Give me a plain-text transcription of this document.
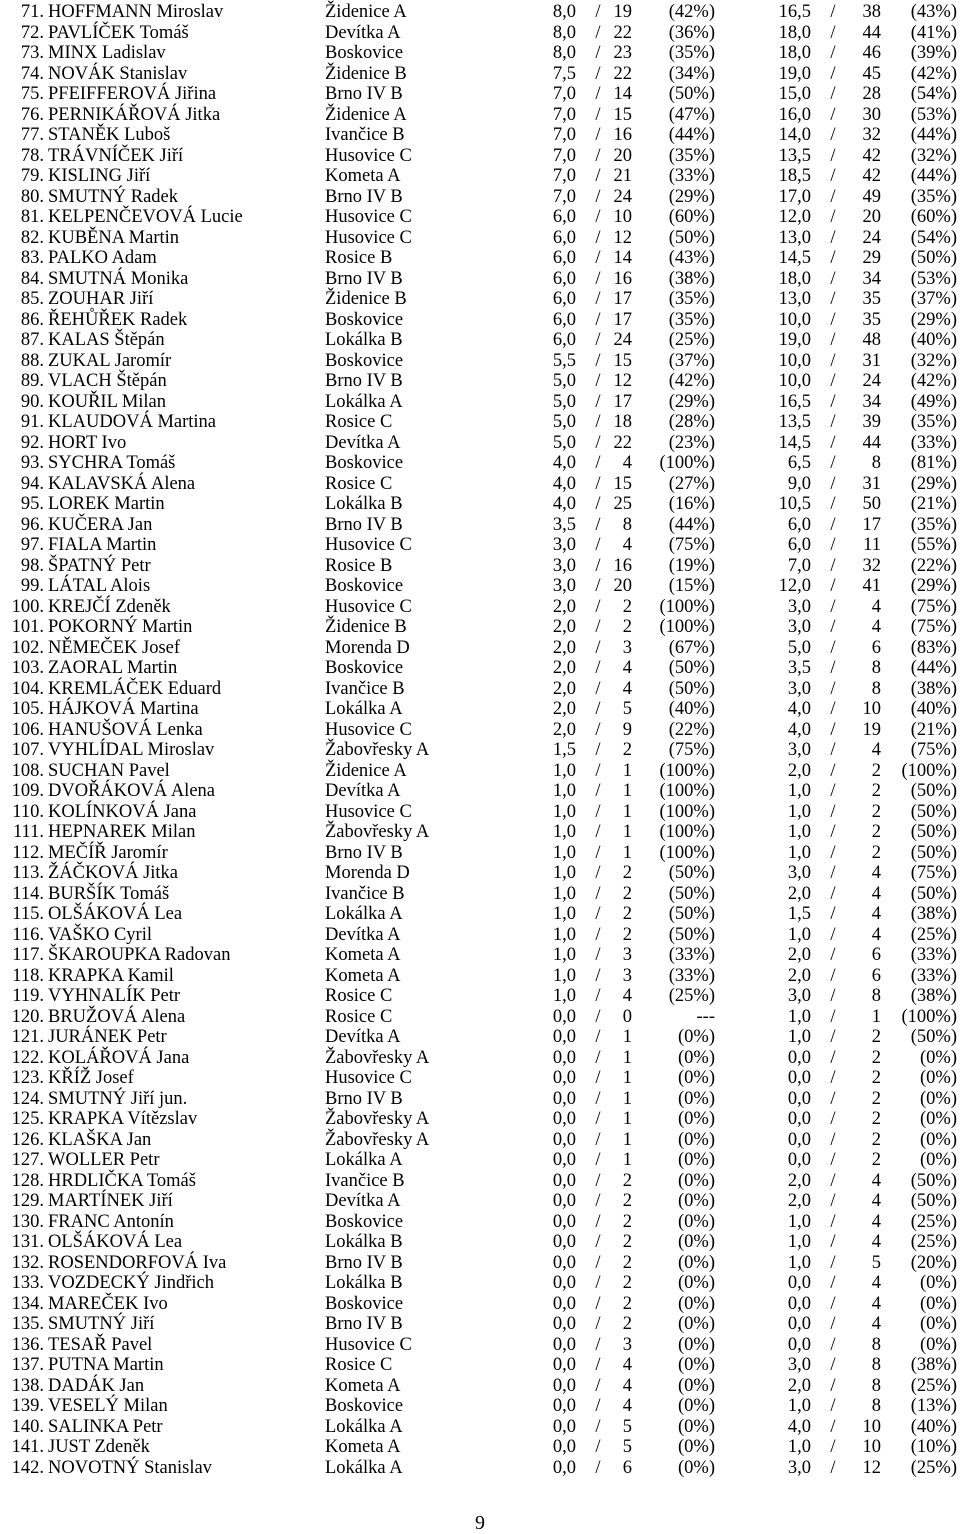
71. HOFFMANN Miroslav	Židenice A	8,0 / 19	(42%)	16,5 /	38	(43%)
72. PAVLÍČEK Tomáš	Devítka A	8,0 / 22	(36%)	18,0 /	44	(41%)
73. MINX Ladislav	Boskovice	8,0 / 23	(35%)	18,0 /	46	(39%)
74. NOVÁK Stanislav	Židenice B	7,5 / 22	(34%)	19,0 /	45	(42%)
75. PFEIFFEROVÁ Jiřina	Brno IV B	7,0 / 14	(50%)	15,0 /	28	(54%)
76. PERNIKÁŘOVÁ Jitka	Židenice A	7,0 / 15	(47%)	16,0 /	30	(53%)
77. STANĚK Luboš	Ivančice B	7,0 / 16	(44%)	14,0 /	32	(44%)
78. TRÁVNÍČEK Jiří	Husovice C	7,0 / 20	(35%)	13,5 /	42	(32%)
79. KISLING Jiří	Kometa A	7,0 / 21	(33%)	18,5 /	42	(44%)
80. SMUTNÝ Radek	Brno IV B	7,0 / 24	(29%)	17,0 /	49	(35%)
81. KELPENČEVOVÁ Lucie	Husovice C	6,0 / 10	(60%)	12,0 /	20	(60%)
82. KUBĚNA Martin	Husovice C	6,0 / 12	(50%)	13,0 /	24	(54%)
83. PALKO Adam	Rosice B	6,0 / 14	(43%)	14,5 /	29	(50%)
84. SMUTNÁ Monika	Brno IV B	6,0 / 16	(38%)	18,0 /	34	(53%)
85. ZOUHAR Jiří	Židenice B	6,0 / 17	(35%)	13,0 /	35	(37%)
86. ŘEHŮŘEK Radek	Boskovice	6,0 / 17	(35%)	10,0 /	35	(29%)
87. KALAS Štěpán	Lokálka B	6,0 / 24	(25%)	19,0 /	48	(40%)
88. ZUKAL Jaromír	Boskovice	5,5 / 15	(37%)	10,0 /	31	(32%)
89. VLACH Štěpán	Brno IV B	5,0 / 12	(42%)	10,0 /	24	(42%)
90. KOUŘIL Milan	Lokálka A	5,0 / 17	(29%)	16,5 /	34	(49%)
91. KLAUDOVÁ Martina	Rosice C	5,0 / 18	(28%)	13,5 /	39	(35%)
92. HORT Ivo	Devítka A	5,0 / 22	(23%)	14,5 /	44	(33%)
93. SYCHRA Tomáš	Boskovice	4,0 /	4	(100%)	6,5 /	8	(81%)
94. KALAVSKÁ Alena	Rosice C	4,0 / 15	(27%)	9,0 /	31	(29%)
95. LOREK Martin	Lokálka B	4,0 / 25	(16%)	10,5 /	50	(21%)
96. KUČERA Jan	Brno IV B	3,5 /	8	(44%)	6,0 /	17	(35%)
97. FIALA Martin	Husovice C	3,0 /	4	(75%)	6,0 /	11	(55%)
98. ŠPATNÝ Petr	Rosice B	3,0 / 16	(19%)	7,0 /	32	(22%)
99. LÁTAL Alois	Boskovice	3,0 / 20	(15%)	12,0 /	41	(29%)
100. KREJČÍ Zdeněk	Husovice C	2,0 /	2	(100%)	3,0 /	4	(75%)
101. POKORNÝ Martin	Židenice B	2,0 /	2	(100%)	3,0 /	4	(75%)
102. NĚMEČEK Josef	Morenda D	2,0 /	3	(67%)	5,0 /	6	(83%)
103. ZAORAL Martin	Boskovice	2,0 /	4	(50%)	3,5 /	8	(44%)
104. KREMLÁČEK Eduard	Ivančice B	2,0 /	4	(50%)	3,0 /	8	(38%)
105. HÁJKOVÁ Martina	Lokálka A	2,0 /	5	(40%)	4,0 /	10	(40%)
106. HANUŠOVÁ Lenka	Husovice C	2,0 /	9	(22%)	4,0 /	19	(21%)
107. VYHLÍDAL Miroslav	Žabovřesky A	1,5 /	2	(75%)	3,0 /	4	(75%)
108. SUCHAN Pavel	Židenice A	1,0 /	1	(100%)	2,0 /	2	(100%)
109. DVOŘÁKOVÁ Alena	Devítka A	1,0 /	1	(100%)	1,0 /	2	(50%)
110. KOLÍNKOVÁ Jana	Husovice C	1,0 /	1	(100%)	1,0 /	2	(50%)
111. HEPNAREK Milan	Žabovřesky A	1,0 /	1	(100%)	1,0 /	2	(50%)
112. MEČÍŘ Jaromír	Brno IV B	1,0 /	1	(100%)	1,0 /	2	(50%)
113. ŽÁČKOVÁ Jitka	Morenda D	1,0 /	2	(50%)	3,0 /	4	(75%)
114. BURŠÍK Tomáš	Ivančice B	1,0 /	2	(50%)	2,0 /	4	(50%)
115. OLŠÁKOVÁ Lea	Lokálka A	1,0 /	2	(50%)	1,5 /	4	(38%)
116. VAŠKO Cyril	Devítka A	1,0 /	2	(50%)	1,0 /	4	(25%)
117. ŠKAROUPKA Radovan	Kometa A	1,0 /	3	(33%)	2,0 /	6	(33%)
118. KRAPKA Kamil	Kometa A	1,0 /	3	(33%)	2,0 /	6	(33%)
119. VYHNALÍK Petr	Rosice C	1,0 /	4	(25%)	3,0 /	8	(38%)
120. BRUŽOVÁ Alena	Rosice C	0,0 /	0	---	1,0 /	1	(100%)
121. JURÁNEK Petr	Devítka A	0,0 /	1	(0%)	1,0 /	2	(50%)
122. KOLÁŘOVÁ Jana	Žabovřesky A	0,0 /	1	(0%)	0,0 /	2	(0%)
123. KŘÍŽ Josef	Husovice C	0,0 /	1	(0%)	0,0 /	2	(0%)
124. SMUTNÝ Jiří jun.	Brno IV B	0,0 /	1	(0%)	0,0 /	2	(0%)
125. KRAPKA Vítězslav	Žabovřesky A	0,0 /	1	(0%)	0,0 /	2	(0%)
126. KLAŠKA Jan	Žabovřesky A	0,0 /	1	(0%)	0,0 /	2	(0%)
127. WOLLER Petr	Lokálka A	0,0 /	1	(0%)	0,0 /	2	(0%)
128. HRDLIČKA Tomáš	Ivančice B	0,0 /	2	(0%)	2,0 /	4	(50%)
129. MARTÍNEK Jiří	Devítka A	0,0 /	2	(0%)	2,0 /	4	(50%)
130. FRANC Antonín	Boskovice	0,0 /	2	(0%)	1,0 /	4	(25%)
131. OLŠÁKOVÁ Lea	Lokálka B	0,0 /	2	(0%)	1,0 /	4	(25%)
132. ROSENDORFOVÁ Iva	Brno IV B	0,0 /	2	(0%)	1,0 /	5	(20%)
133. VOZDECKÝ Jindřich	Lokálka B	0,0 /	2	(0%)	0,0 /	4	(0%)
134. MAREČEK Ivo	Boskovice	0,0 /	2	(0%)	0,0 /	4	(0%)
135. SMUTNÝ Jiří	Brno IV B	0,0 /	2	(0%)	0,0 /	4	(0%)
136. TESAŘ Pavel	Husovice C	0,0 /	3	(0%)	0,0 /	8	(0%)
137. PUTNA Martin	Rosice C	0,0 /	4	(0%)	3,0 /	8	(38%)
138. DADÁK Jan	Kometa A	0,0 /	4	(0%)	2,0 /	8	(25%)
139. VESELÝ Milan	Boskovice	0,0 /	4	(0%)	1,0 /	8	(13%)
140. SALINKA Petr	Lokálka A	0,0 /	5	(0%)	4,0 /	10	(40%)
141. JUST Zdeněk	Kometa A	0,0 /	5	(0%)	1,0 /	10	(10%)
142. NOVOTNÝ Stanislav	Lokálka A	0,0 /	6	(0%)	3,0 /	12	(25%)
9
